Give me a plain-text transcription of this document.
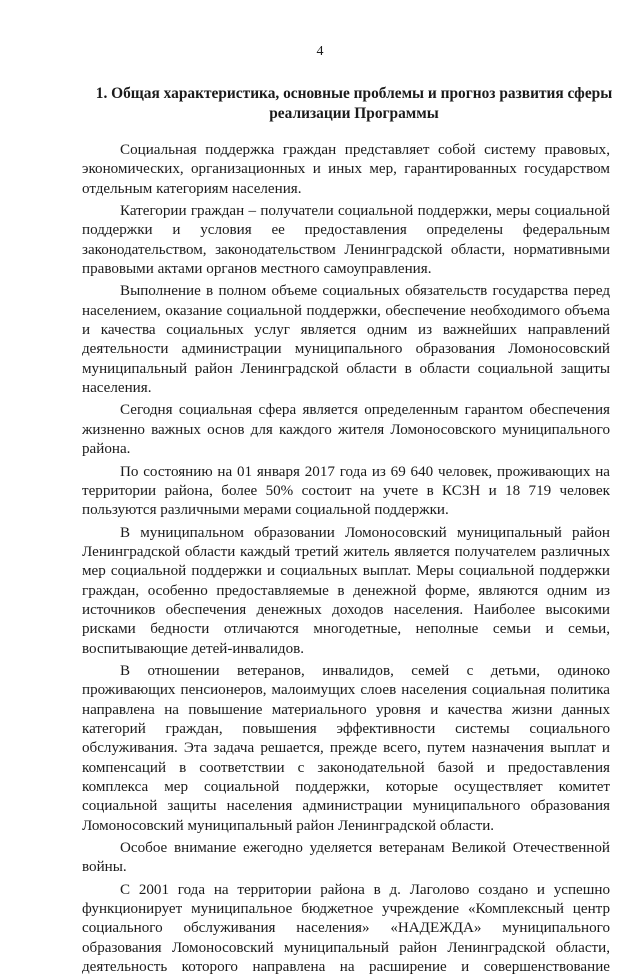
4
1. Общая характеристика, основные проблемы и прогноз развития сферы реализации Программы

Социальная поддержка граждан представляет собой систему правовых, экономических, организационных и иных мер, гарантированных государством отдельным категориям населения.

Категории граждан – получатели социальной поддержки, меры социальной поддержки и условия ее предоставления определены федеральным законодательством, законодательством Ленинградской области, нормативными правовыми актами органов местного самоуправления.

Выполнение в полном объеме социальных обязательств государства перед населением, оказание социальной поддержки, обеспечение необходимого объема и качества социальных услуг является одним из важнейших направлений деятельности администрации муниципального образования Ломоносовский муниципальный район Ленинградской области в области социальной защиты населения.

Сегодня социальная сфера является определенным гарантом обеспечения жизненно важных основ для каждого жителя Ломоносовского муниципального района.

По состоянию на 01 января 2017 года из 69 640 человек, проживающих на территории района, более 50% состоит на учете в КСЗН и 18 719 человек пользуются различными мерами социальной поддержки.

В муниципальном образовании Ломоносовский муниципальный район Ленинградской области каждый третий житель является получателем различных мер социальной поддержки и социальных выплат. Меры социальной поддержки граждан, особенно предоставляемые в денежной форме, являются одним из источников обеспечения денежных доходов населения. Наиболее высокими рисками бедности отличаются многодетные, неполные семьи и семьи, воспитывающие детей-инвалидов.

В отношении ветеранов, инвалидов, семей с детьми, одиноко проживающих пенсионеров, малоимущих слоев населения социальная политика направлена на повышение материального уровня и качества жизни данных категорий граждан, повышения эффективности системы социального обслуживания. Эта задача решается, прежде всего, путем назначения выплат и компенсаций в соответствии с законодательной базой и предоставления комплекса мер социальной поддержки, которые осуществляет комитет социальной защиты населения администрации муниципального образования Ломоносовский муниципальный район Ленинградской области.

Особое внимание ежегодно уделяется ветеранам Великой Отечественной войны.

С 2001 года на территории района в д. Лаголово создано и успешно функционирует муниципальное бюджетное учреждение «Комплексный центр социального обслуживания населения» «НАДЕЖДА» муниципального образования Ломоносовский муниципальный район Ленинградской области, деятельность которого направлена на расширение и совершенствование
